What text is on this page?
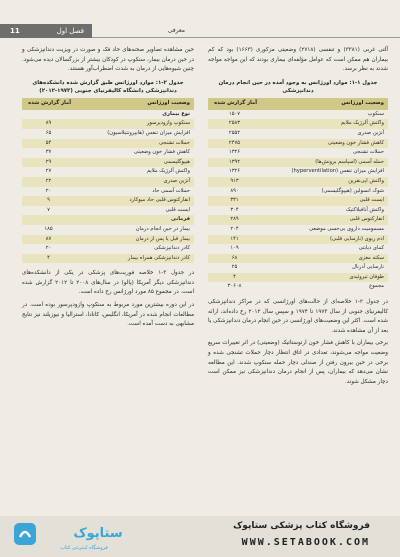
11	فصل اول	معرفی

آلتی غربی (۳۳۸۱) و تنفسی (۲۷۱۸) وضعیتی مزکوری (۱۶۶۳) بود که کم بیماران هم ممکن است که عوامل مؤلفه‌ای بیماری بودند که این مواجه مواجه شدند به نظر برسد.

جدول ۱-۱: موارد اورژانس به وجود آمده در حین انجام درمان دندانپزشکی
وضعیت اورژانس	آمار گزارش شده
سنکوپ	۱۵۰۷
واکنش آلرژیک ملایم	۲۵۸۳
آنژین صدری	۲۵۵۲
کاهش فشار خون وضعیتی	۲۴۷۵
حملات تشنجی	۱۳۲۶
حمله آسمی (اسپاسم برونش‌ها)	۱۳۹۲
افزایش میزان تنفس (hyperventilation)	۱۳۲۶
واکنش اپی‌نفرین	۹۱۳
شوک انسولین (هیپوگلیسمی)	۸۹۰
ایست قلبی	۳۳۱
واکنش آنافیلاکتیک	۳۰۴
انفارکتوس قلبی	۲۸۹
مسمومیت داروی بی‌حسی موضعی	۲۰۴
ادم ریوی (نارسایی قلبی)	۱۴۱
کمای دیابتی	۱۰۹
سکته مغزی	۶۸
نارسایی آدرنال	۲۵
طوفان تیروئیدی	۴
مجموع	۳۰۶۰۸

در جدول ۲-۱ خلاصه‌ای از حالت‌های اورژانسی که در مراکز دندانپزشکی کالیفرنیای جنوبی از سال ۱۹۷۳ تا ۱۹۷۴ و سپس سال ۲۰۱۲ رخ داده‌اند، ارائه شده است. اکثر این وضعیت‌های اورژانسی در حین انجام درمان دندانپزشکی یا بعد از آن مشاهده شدند.

برخی بیماران با کاهش فشار خون ارتوستاتیک (وضعیتی) در اثر تغییرات سریع وضعیت مواجه می‌شوند، تعدادی در اتاق انتظار دچار حملات تشنجی شده و برخی در حین بیرون رفتن از صندلی دچار حمله سنکوپ شدند. این مطالعه نشان می‌دهد که بیماران، پس از انجام درمان دندانپزشکی نیز ممکن است دچار مشکل شوند.

حین مشاهده تصاویر صحنه‌های حاد فک و صورت در ویزیت دندانپزشکی و در حین درمان بیمار، سنکوپ در کودکان بیشتر از بزرگسالان دیده می‌شود. چنین شیوه‌هایی از درمان به شدت اضطراب‌آور هستند.

جدول ۲-۱: موارد اورژانس طبق گزارش شده دانشکده‌های دندانپزشکی دانشگاه کالیفرنیای جنوبی (۱۹۷۳-۲۰۱۲)
وضعیت اورژانس	آمار گزارش شده
نوع بیماری	
سنکوپ وازودپرسور	۸۹
افزایش میزان تنفس (هایپرونتیلاسیون)	۶۵
حملات تشنجی	۵۴
کاهش فشار خون وضعیتی	۳۷
هیپوگلیسمی	۲۹
واکنش آلرژیک ملایم	۲۷
آنژین صدری	۲۲
حملات آسمی حاد	۲۰
انفارکتوس قلبی حاد میوکارد	۹
ایست قلبی	۷
فرمانی	
بیمار در حین انجام درمان	۱۸۵
بیمار قبل یا پس از درمان	۸۷
کادر دندانپزشکی	۲۰
کادر دندانپزشکی همراه بیمار	۴

در جدول ۳-۱ خلاصه فوریت‌های پزشکی در یکی از دانشکده‌های دندانپزشکی دیگر آمریکا (پالو) در سال‌های ۲۰۰۸ تا ۲۰۱۲ گزارش شده است. در مجموع ۸۵ مورد اورژانس رخ داده است.

در این دوره بیشترین مورد مربوط به سنکوپ وازودپرسور بوده است. در مطالعات انجام شده در آمریکا، انگلیس، کانادا، استرالیا و نیوزیلند نیز نتایج مشابهی به دست آمده است.

ستاپوک
فروشگاه اینترنتی کتاب
فروشگاه کتاب پزشکی ستاپوک
WWW.SETABOOK.COM
